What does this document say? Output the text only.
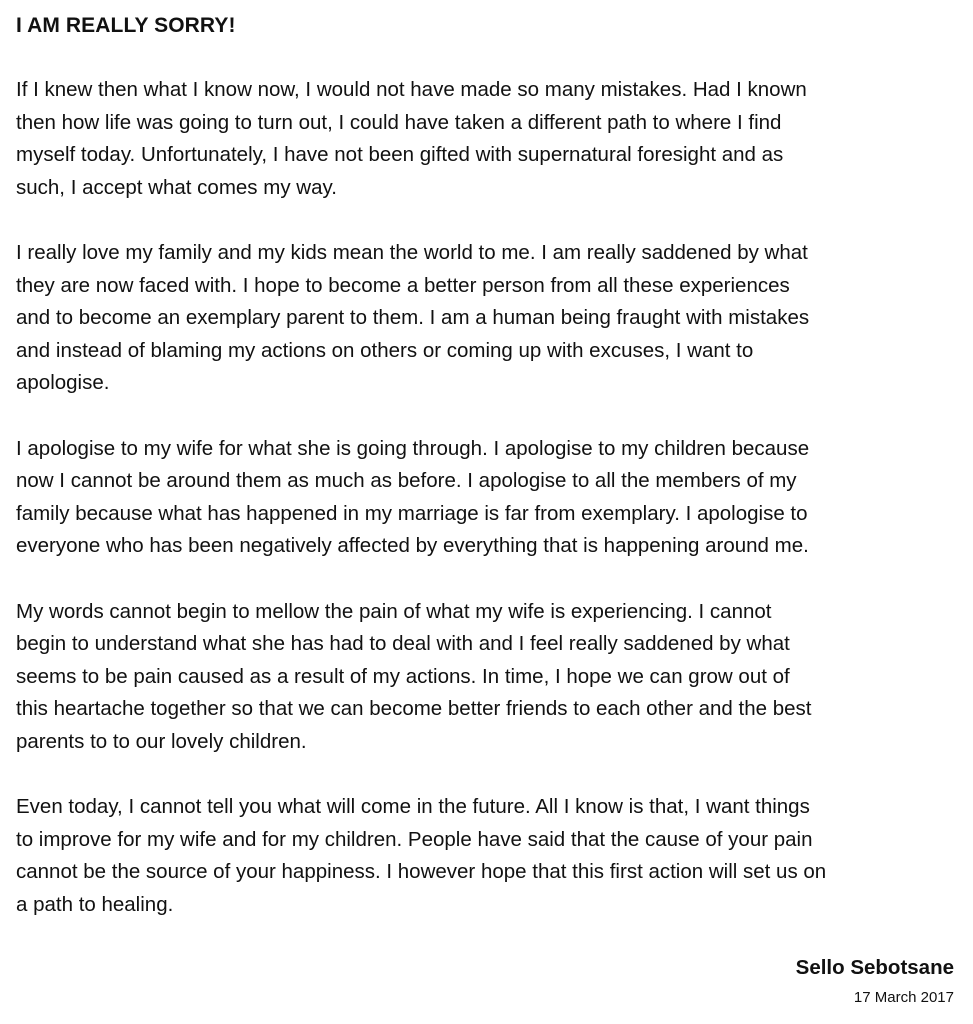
I AM REALLY SORRY!
If I knew then what I know now, I would not have made so many mistakes. Had I known
then how life was going to turn out, I could have taken a different path to where I find
myself today. Unfortunately, I have not been gifted with supernatural foresight and as
such, I accept what comes my way.
I really love my family and my kids mean the world to me. I am really saddened by what
they are now faced with. I hope to become a better person from all these experiences
and to become an exemplary parent to them. I am a human being fraught with mistakes
and instead of blaming my actions on others or coming up with excuses, I want to
apologise.
I apologise to my wife for what she is going through. I apologise to my children because
now I cannot be around them as much as before. I apologise to all the members of my
family because what has happened in my marriage is far from exemplary. I apologise to
everyone who has been negatively affected by everything that is happening around me.
My words cannot begin to mellow the pain of what my wife is experiencing. I cannot
begin to understand what she has had to deal with and I feel really saddened by what
seems to be pain caused as a result of my actions. In time, I hope we can grow out of
this heartache together so that we can become better friends to each other and the best
parents to to our lovely children.
Even today, I cannot tell you what will come in the future. All I know is that, I want things
to improve for my wife and for my children. People have said that the cause of your pain
cannot be the source of your happiness. I however hope that this first action will set us on
a path to healing.
Sello Sebotsane
17 March 2017
